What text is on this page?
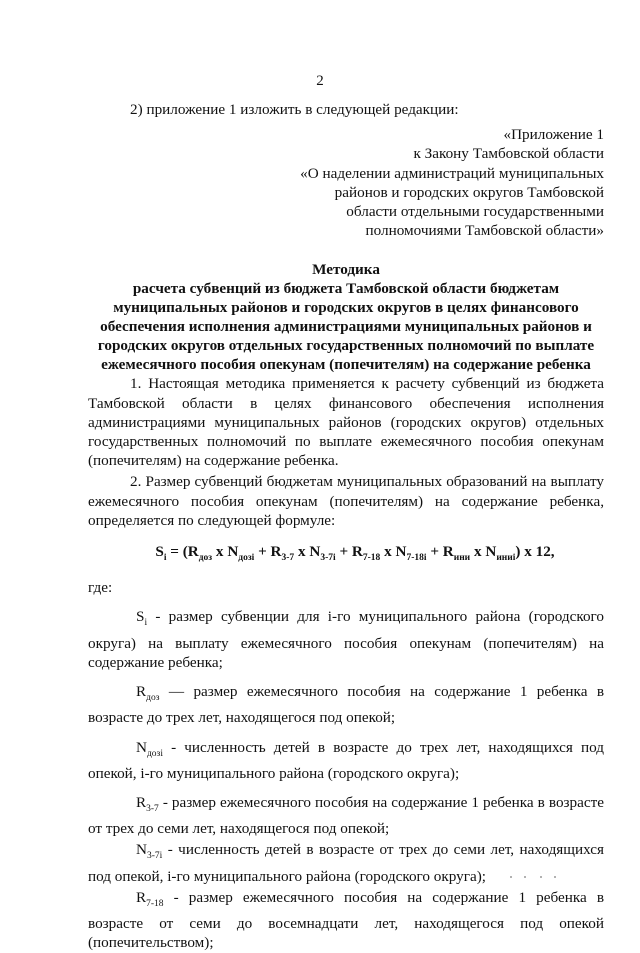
2

2) приложение 1 изложить в следующей редакции:

«Приложение 1
к Закону Тамбовской области
«О наделении администраций муниципальных
районов и городских округов Тамбовской
области отдельными государственными
полномочиями Тамбовской области»
Методика
расчета субвенций из бюджета Тамбовской области бюджетам
муниципальных районов и городских округов в целях финансового
обеспечения исполнения администрациями муниципальных районов и
городских округов отдельных государственных полномочий по выплате
ежемесячного пособия опекунам (попечителям) на содержание ребенка

1. Настоящая методика применяется к расчету субвенций из бюджета Тамбовской области в целях финансового обеспечения исполнения администрациями муниципальных районов (городских округов) отдельных государственных полномочий по выплате ежемесячного пособия опекунам (попечителям) на содержание ребенка.

2. Размер субвенций бюджетам муниципальных образований на выплату ежемесячного пособия опекунам (попечителям) на содержание ребенка, определяется по следующей формуле:

$S_i = (R_{доз}$ x $N_{дозi} + R_{3-7}$ x $N_{3-7i} + R_{7-18}$ x $N_{7-18i} + R_{ини}$ x $N_{иниi}$) x 12,
где:

$S_i$ - размер субвенции для i-го муниципального района (городского округа) на выплату ежемесячного пособия опекунам (попечителям) на содержание ребенка;

$R_{доз}$ — размер ежемесячного пособия на содержание 1 ребенка в возрасте до трех лет, находящегося под опекой;

$N_{дозi}$ - численность детей в возрасте до трех лет, находящихся под опекой, i-го муниципального района (городского округа);

$R_{3-7}$ - размер ежемесячного пособия на содержание 1 ребенка в возрасте от трех до семи лет, находящегося под опекой;

$N_{3-7i}$ - численность детей в возрасте от трех до семи лет, находящихся под опекой, i-го муниципального района (городского округа);

$R_{7-18}$ - размер ежемесячного пособия на содержание 1 ребенка в возрасте от семи до восемнадцати лет, находящегося под опекой (попечительством);
